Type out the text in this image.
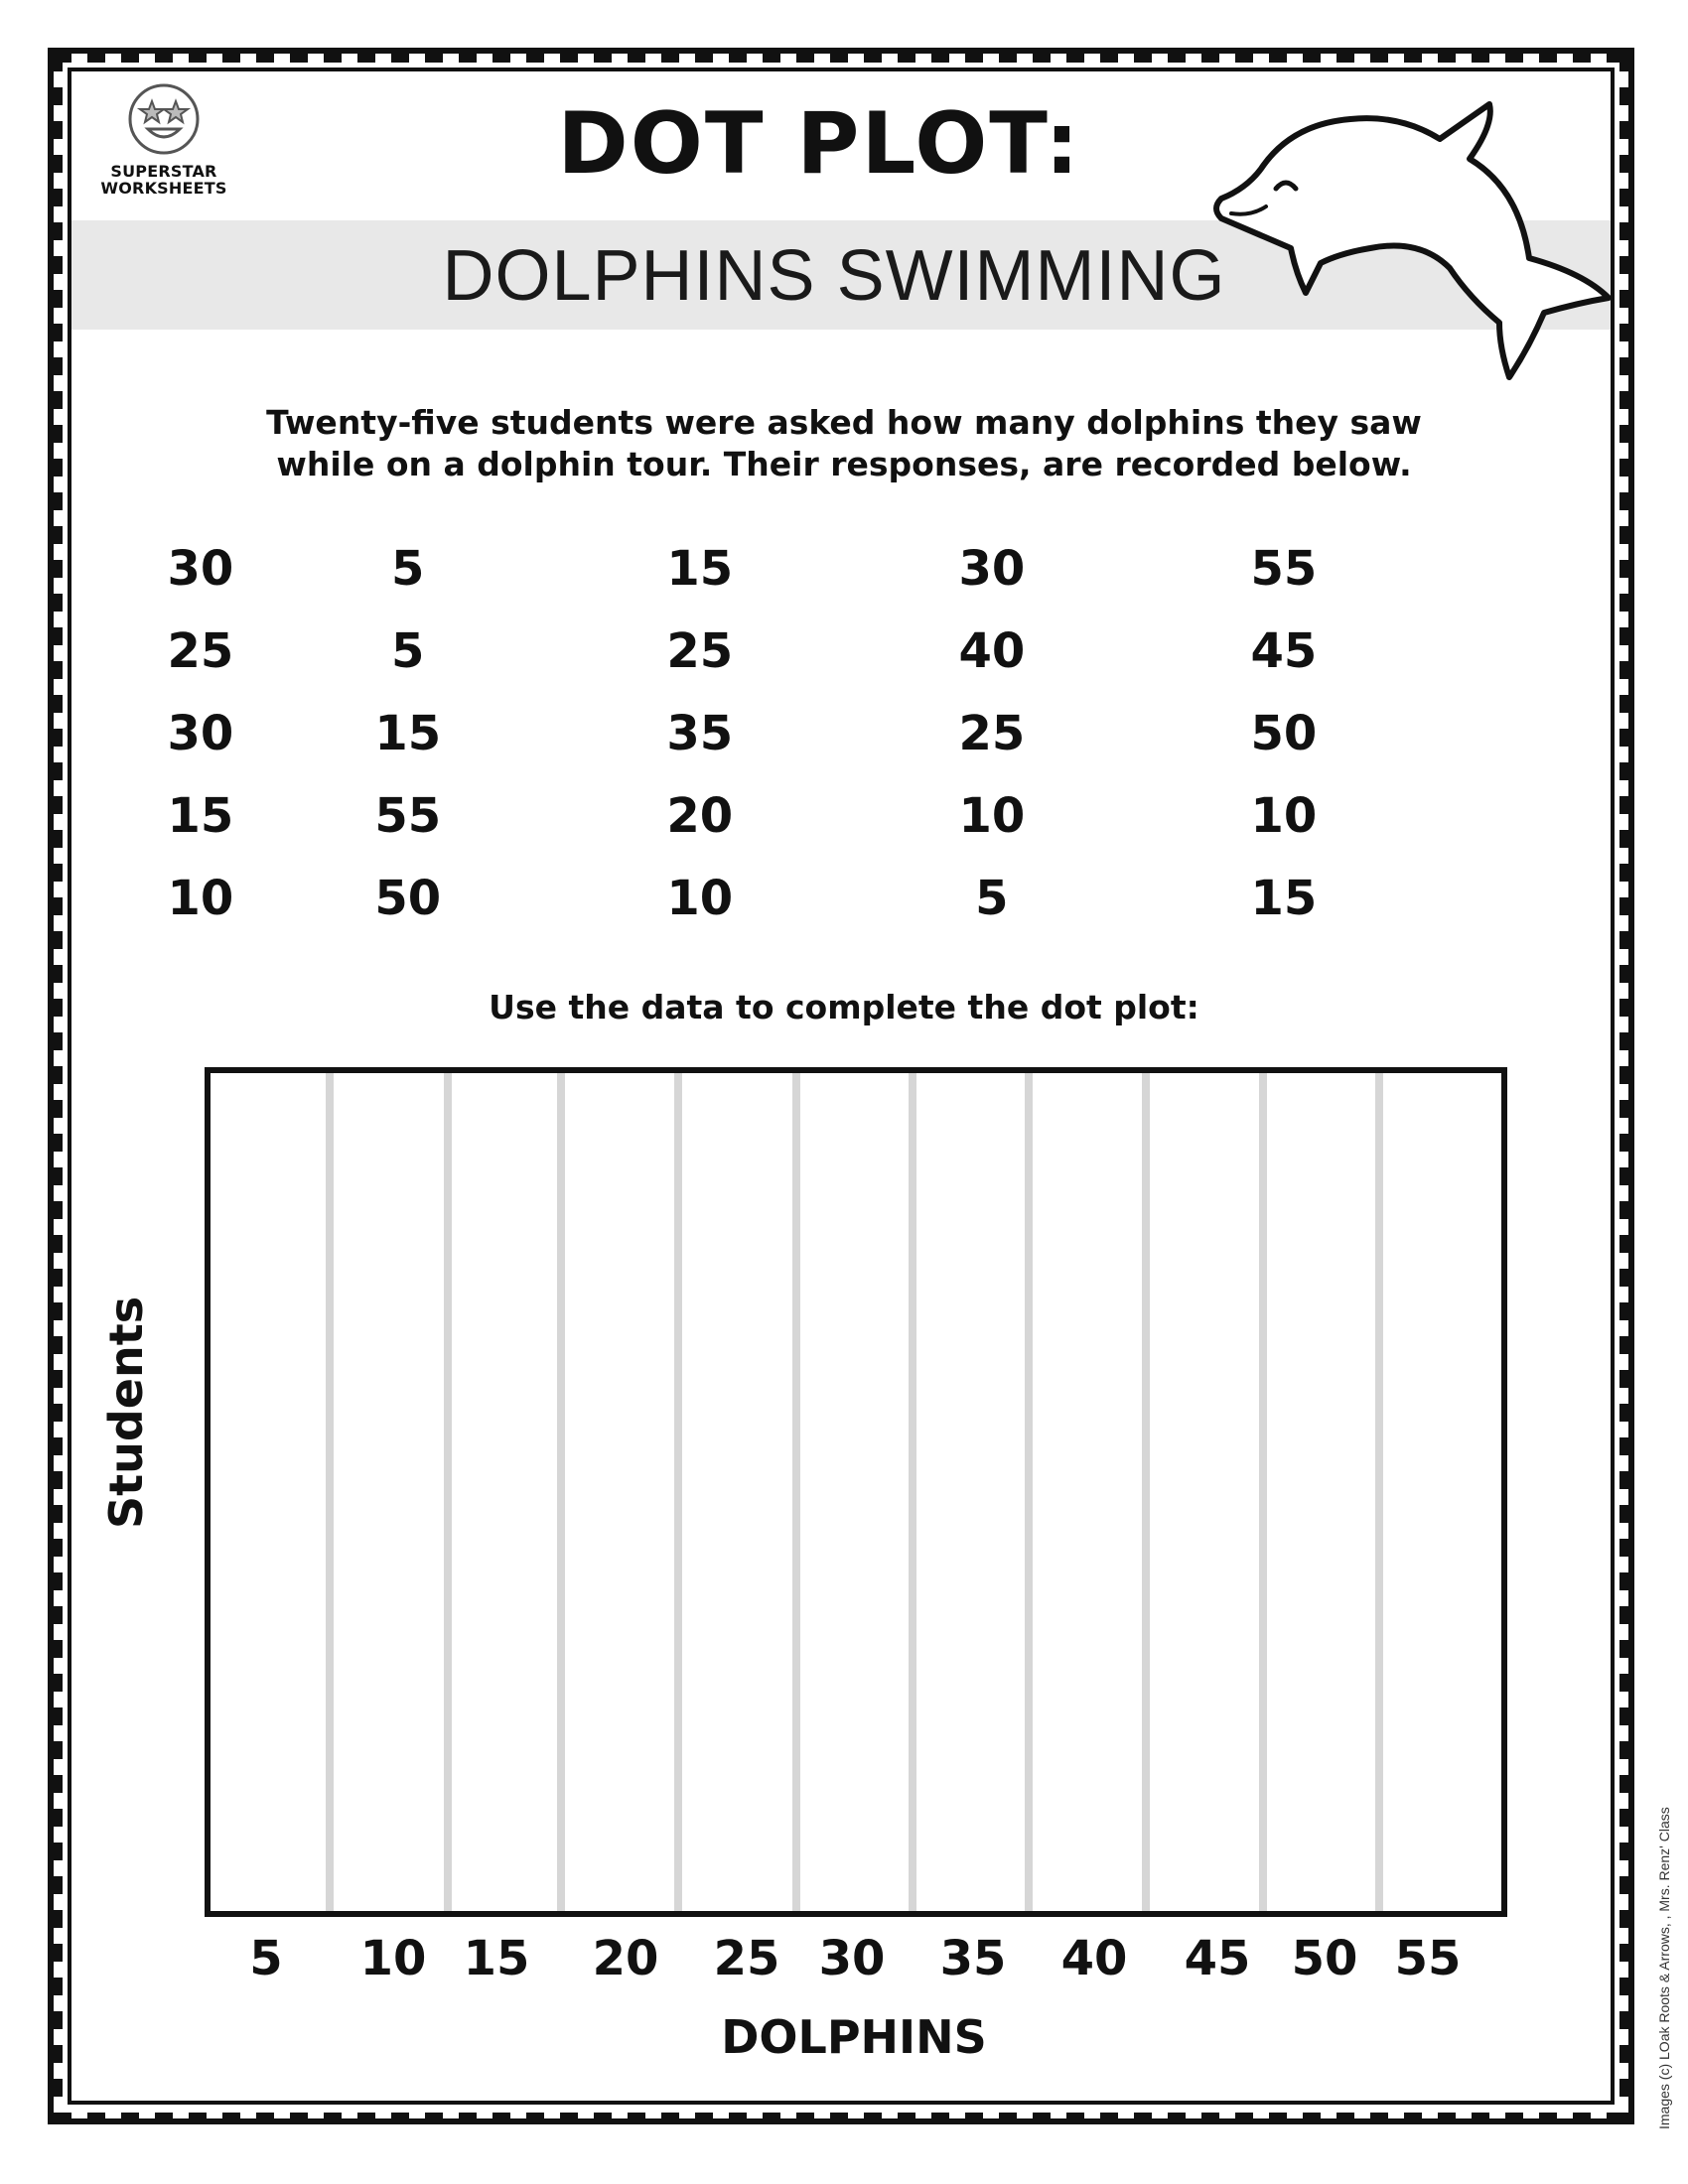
SUPERSTAR
WORKSHEETS	DOT PLOT:
DOLPHINS SWIMMING
Twenty-five students were asked how many dolphins they saw
while on a dolphin tour. Their responses, are recorded below.
30	5	15	30	55
25	5	25	40	45
30	15	35	25	50
15	55	20	10	10
10	50	10	5	15
Use the data to complete the dot plot:
Students
5	10 15 20 25 30 35 40 45 50 55
DOLPHINS	Images (c) LOak Roots & Arrows, , Mrs. Renz' Class
